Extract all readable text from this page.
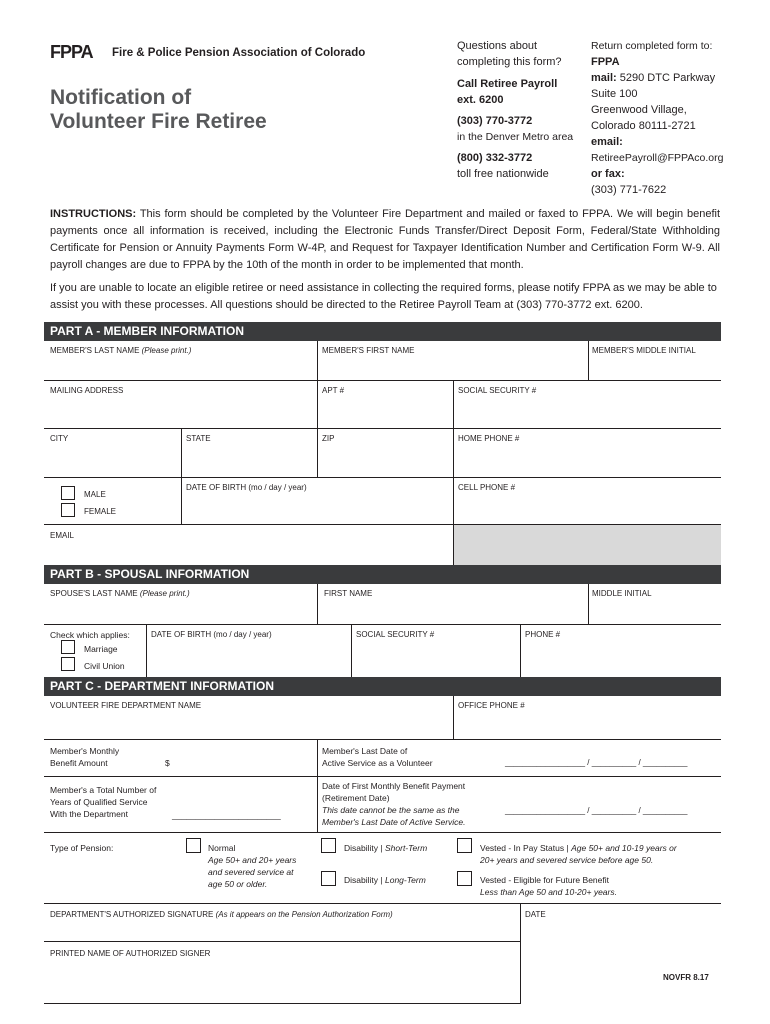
FPPA Fire & Police Pension Association of Colorado
Notification of
Volunteer Fire Retiree
Questions about
completing this form?
Call Retiree Payroll
ext. 6200
(303) 770-3772
in the Denver Metro area
(800) 332-3772
toll free nationwide
Return completed form to:
FPPA
mail: 5290 DTC Parkway
Suite 100
Greenwood Village,
Colorado 80111-2721
email:
RetireePayroll@FPPAco.org
or fax:
(303) 771-7622
INSTRUCTIONS: This form should be completed by the Volunteer Fire Department and mailed or faxed to FPPA. We will begin benefit payments once all information is received, including the Electronic Funds Transfer/Direct Deposit Form, Federal/State Withholding Certificate for Pension or Annuity Payments Form W-4P, and Request for Taxpayer Identification Number and Certification Form W-9. All payroll changes are due to FPPA by the 10th of the month in order to be implemented that month.
If you are unable to locate an eligible retiree or need assistance in collecting the required forms, please notify FPPA as we may be able to assist you with these processes. All questions should be directed to the Retiree Payroll Team at (303) 770-3772 ext. 6200.
PART A - MEMBER INFORMATION
MEMBER'S LAST NAME (Please print.)	MEMBER'S FIRST NAME	MEMBER'S MIDDLE INITIAL
MAILING ADDRESS	APT #	SOCIAL SECURITY #
CITY	STATE	ZIP	HOME PHONE #
MALE
FEMALE
DATE OF BIRTH (mo / day / year)	CELL PHONE #
EMAIL
PART B - SPOUSAL INFORMATION
SPOUSE'S LAST NAME (Please print.)	FIRST NAME	MIDDLE INITIAL
Check which applies:
Marriage
Civil Union
DATE OF BIRTH (mo / day / year)	SOCIAL SECURITY #	PHONE #
PART C - DEPARTMENT INFORMATION
VOLUNTEER FIRE DEPARTMENT NAME	OFFICE PHONE #
Member's Monthly
Benefit Amount	$
Member's Last Date of
Active Service as a Volunteer	__________________ / __________ / __________
Member's a Total Number of
Years of Qualified Service
With the Department	_______________________
Date of First Monthly Benefit Payment
(Retirement Date)
This date cannot be the same as the
Member's Last Date of Active Service.
__________________ / __________ / __________
Type of Pension:	Normal
Age 50+ and 20+ years
and severed service at
age 50 or older.
Disability | Short-Term
Disability | Long-Term
Vested - In Pay Status | Age 50+ and 10-19 years or
20+ years and severed service before age 50.
Vested - Eligible for Future Benefit
Less than Age 50 and 10-20+ years.
DEPARTMENT'S AUTHORIZED SIGNATURE (As it appears on the Pension Authorization Form)	DATE
PRINTED NAME OF AUTHORIZED SIGNER
NOVFR 8.17
